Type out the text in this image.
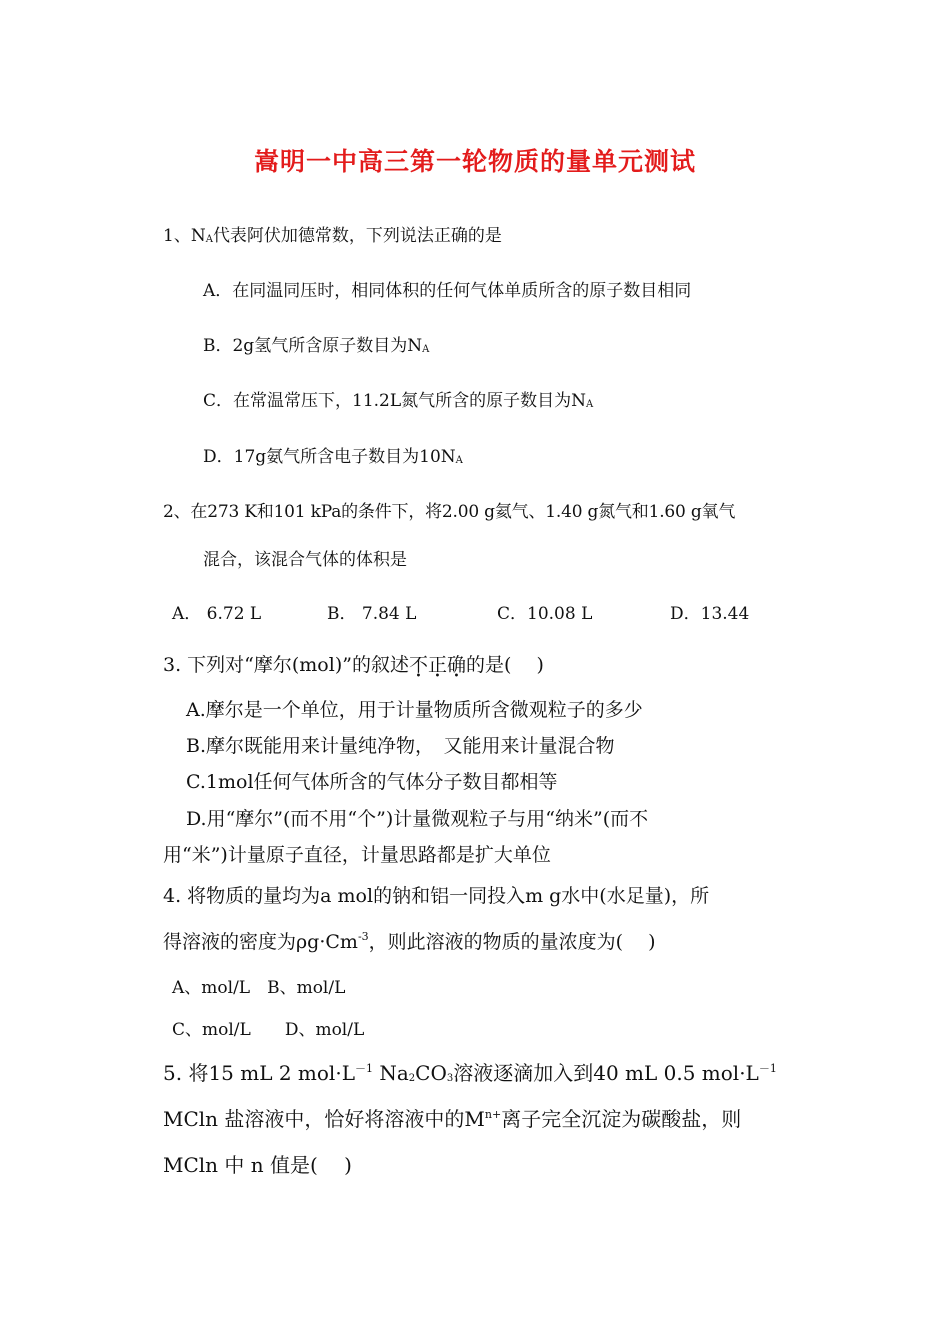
嵩明一中高三第一轮物质的量单元测试
1、NA代表阿伏加德常数，下列说法正确的是
A．在同温同压时，相同体积的任何气体单质所含的原子数目相同
B．2g氢气所含原子数目为NA
C．在常温常压下，11.2L氮气所含的原子数目为NA
D．17g氨气所含电子数目为10NA
2、在273 K和101 kPa的条件下，将2.00 g氦气、1.40 g氮气和1.60 g氧气
混合，该混合气体的体积是
A． 6.72 L	B． 7.84 L	C．10.08 L	D．13.44
3. 下列对“摩尔(mol)”的叙述不正确的是(　 )
A.摩尔是一个单位，用于计量物质所含微观粒子的多少
B.摩尔既能用来计量纯净物，　又能用来计量混合物
C.1mol任何气体所含的气体分子数目都相等
D.用“摩尔”(而不用“个”)计量微观粒子与用“纳米”(而不
用“米”)计量原子直径，计量思路都是扩大单位
4. 将物质的量均为a mol的钠和铝一同投入m g水中(水足量)，所
得溶液的密度为$\rho g\cdot Cm^{-3}$，则此溶液的物质的量浓度为(　 )
A、mol/L　B、mol/L
C、mol/L　　D、mol/L
5. 将15 mL 2 $mol\cdot L^{-1}$ Na2CO3溶液逐滴加入到40 mL 0.5 $mol\cdot L^{-1}$
MCln 盐溶液中，恰好将溶液中的$M^{n+}$离子完全沉淀为碳酸盐，则
MCln 中 n 值是(　 )
